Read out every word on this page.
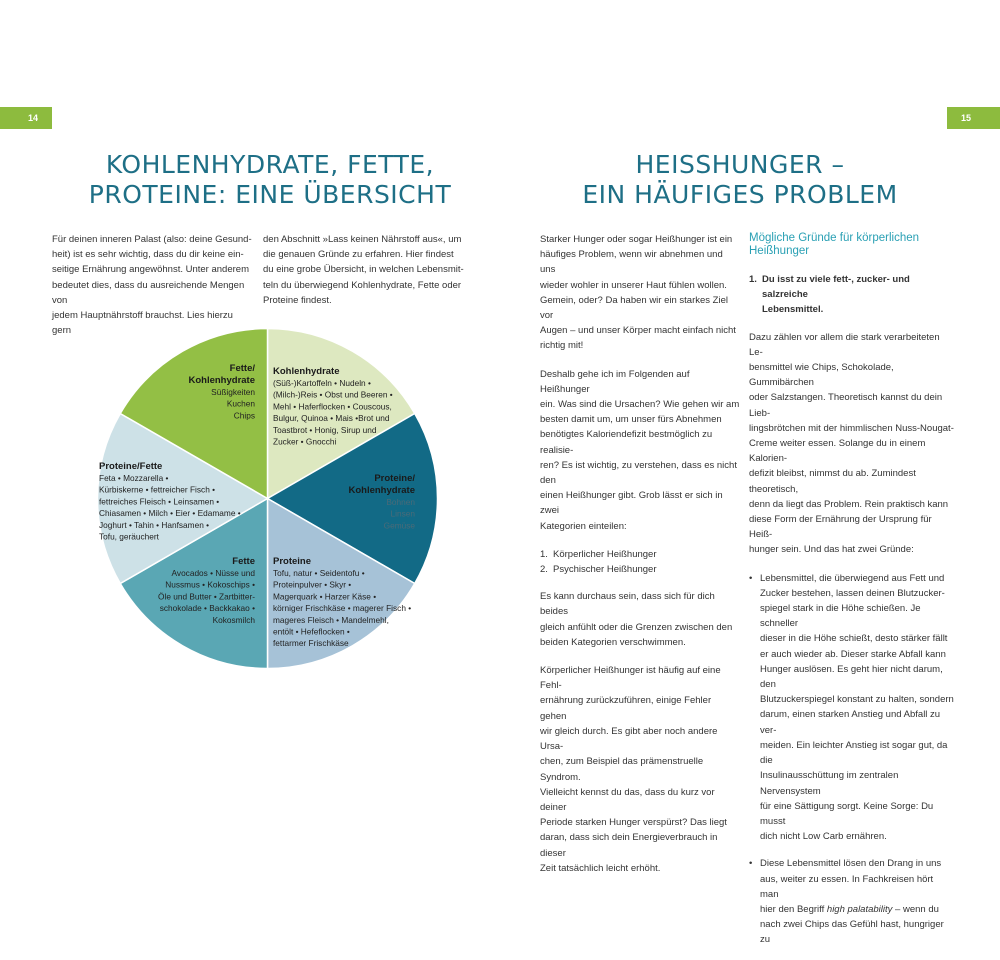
14	15
KOHLENHYDRATE, FETTE,
PROTEINE: EINE ÜBERSICHT
Für deinen inneren Palast (also: deine Gesund-
heit) ist es sehr wichtig, dass du dir keine ein-
seitige Ernährung angewöhnst. Unter anderem
bedeutet dies, dass du ausreichende Mengen von
jedem Hauptnährstoff brauchst. Lies hierzu gern
den Abschnitt »Lass keinen Nährstoff aus«, um
die genauen Gründe zu erfahren. Hier findest
du eine grobe Übersicht, in welchen Lebensmit-
teln du überwiegend Kohlenhydrate, Fette oder
Proteine findest.
Kohlenhydrate
(Süß-)Kartoffeln • Nudeln •
(Milch-)Reis • Obst und Beeren •
Mehl • Haferflocken • Couscous,
Bulgur, Quinoa • Mais •Brot und
Toastbrot • Honig, Sirup und
Zucker • Gnocchi
Proteine/
Kohlenhydrate
Bohnen
Linsen
Gemüse
Proteine
Tofu, natur • Seidentofu •
Proteinpulver • Skyr •
Magerquark • Harzer Käse •
körniger Frischkäse • magerer Fisch •
mageres Fleisch • Mandelmehl,
entölt • Hefeflocken •
fettarmer Frischkäse
Fette
Avocados • Nüsse und
Nussmus • Kokoschips •
Öle und Butter • Zartbitter-
schokolade • Backkakao •
Kokosmilch
Proteine/Fette
Feta • Mozzarella •
Kürbiskerne • fettreicher Fisch •
fettreiches Fleisch • Leinsamen •
Chiasamen • Milch • Eier • Edamame •
Joghurt • Tahin • Hanfsamen •
Tofu, geräuchert
Fette/
Kohlenhydrate
Süßigkeiten
Kuchen
Chips
HEISSHUNGER –
EIN HÄUFIGES PROBLEM

Starker Hunger oder sogar Heißhunger ist ein
häufiges Problem, wenn wir abnehmen und uns
wieder wohler in unserer Haut fühlen wollen.
Gemein, oder? Da haben wir ein starkes Ziel vor
Augen – und unser Körper macht einfach nicht
richtig mit!

Deshalb gehe ich im Folgenden auf Heißhunger
ein. Was sind die Ursachen? Wie gehen wir am
besten damit um, um unser fürs Abnehmen
benötigtes Kaloriendefizit bestmöglich zu realisie-
ren? Es ist wichtig, zu verstehen, dass es nicht den
einen Heißhunger gibt. Grob lässt er sich in zwei
Kategorien einteilen:

1. Körperlicher Heißhunger
2. Psychischer Heißhunger

Es kann durchaus sein, dass sich für dich beides
gleich anfühlt oder die Grenzen zwischen den
beiden Kategorien verschwimmen.

Körperlicher Heißhunger ist häufig auf eine Fehl-
ernährung zurückzuführen, einige Fehler gehen
wir gleich durch. Es gibt aber noch andere Ursa-
chen, zum Beispiel das prämenstruelle Syndrom.
Vielleicht kennst du das, dass du kurz vor deiner
Periode starken Hunger verspürst? Das liegt
daran, dass sich dein Energieverbrauch in dieser
Zeit tatsächlich leicht erhöht.

Mögliche Gründe für körperlichen
Heißhunger
1. Du isst zu viele fett-, zucker- und salzreiche
Lebensmittel.

Dazu zählen vor allem die stark verarbeiteten Le-
bensmittel wie Chips, Schokolade, Gummibärchen
oder Salzstangen. Theoretisch kannst du dein Lieb-
lingsbrötchen mit der himmlischen Nuss-Nougat-
Creme weiter essen. Solange du in einem Kalorien-
defizit bleibst, nimmst du ab. Zumindest theoretisch,
denn da liegt das Problem. Rein praktisch kann
diese Form der Ernährung der Ursprung für Heiß-
hunger sein. Und das hat zwei Gründe:

• Lebensmittel, die überwiegend aus Fett und
Zucker bestehen, lassen deinen Blutzucker-
spiegel stark in die Höhe schießen. Je schneller
dieser in die Höhe schießt, desto stärker fällt
er auch wieder ab. Dieser starke Abfall kann
Hunger auslösen. Es geht hier nicht darum, den
Blutzuckerspiegel konstant zu halten, sondern
darum, einen starken Anstieg und Abfall zu ver-
meiden. Ein leichter Anstieg ist sogar gut, da die
Insulinausschüttung im zentralen Nervensystem
für eine Sättigung sorgt. Keine Sorge: Du musst
dich nicht Low Carb ernähren.
• Diese Lebensmittel lösen den Drang in uns
aus, weiter zu essen. In Fachkreisen hört man
hier den Begriff high palatability – wenn du
nach zwei Chips das Gefühl hast, hungriger zu
